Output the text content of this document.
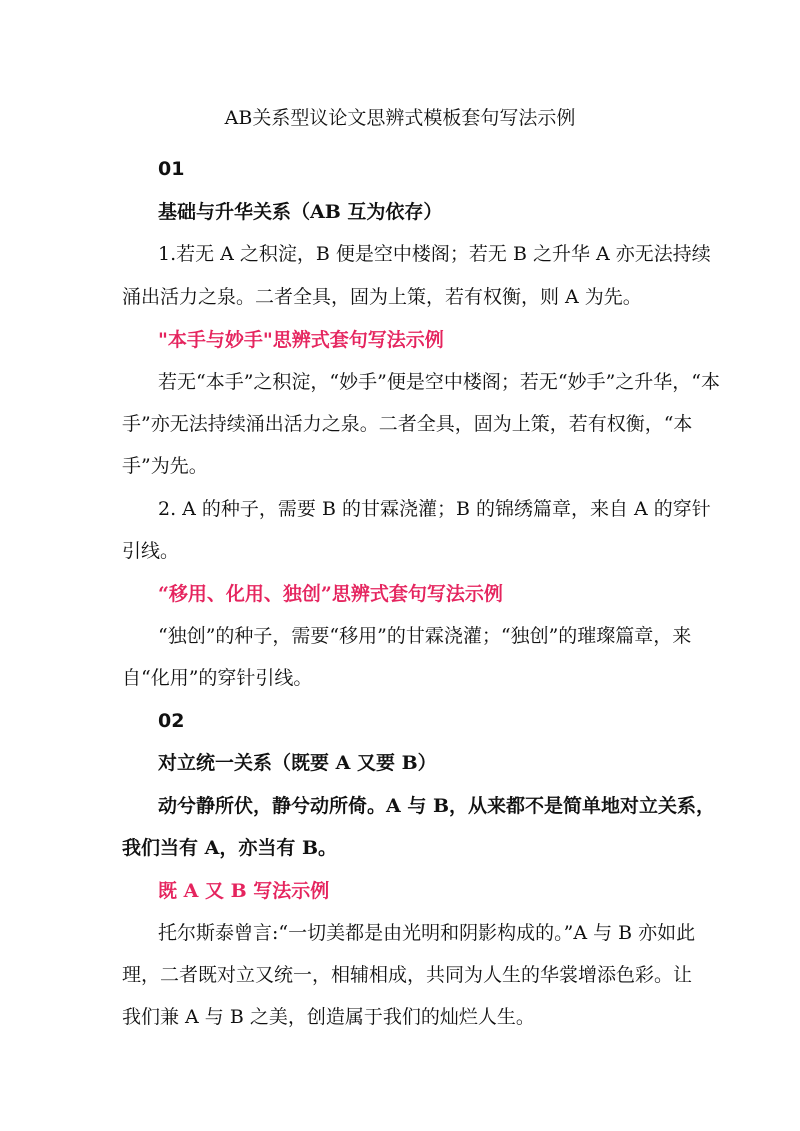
AB关系型议论文思辨式模板套句写法示例
01
基础与升华关系（AB 互为依存）
1.若无 A 之积淀，B 便是空中楼阁；若无 B 之升华 A 亦无法持续
涌出活力之泉。二者全具，固为上策，若有权衡，则 A 为先。
"本手与妙手"思辨式套句写法示例
若无“本手”之积淀，“妙手”便是空中楼阁；若无“妙手”之升华，“本
手”亦无法持续涌出活力之泉。二者全具，固为上策，若有权衡，“本
手”为先。
2. A 的种子，需要 B 的甘霖浇灌；B 的锦绣篇章，来自 A 的穿针
引线。
“移用、化用、独创”思辨式套句写法示例
“独创”的种子，需要“移用”的甘霖浇灌；“独创”的璀璨篇章，来
自“化用”的穿针引线。
02
对立统一关系（既要 A 又要 B）
动兮静所伏，静兮动所倚。A 与 B，从来都不是简单地对立关系，
我们当有 A，亦当有 B。
既 A 又 B 写法示例
托尔斯泰曾言:“一切美都是由光明和阴影构成的。”A 与 B 亦如此
理，二者既对立又统一，相辅相成，共同为人生的华裳增添色彩。让
我们兼 A 与 B 之美，创造属于我们的灿烂人生。
